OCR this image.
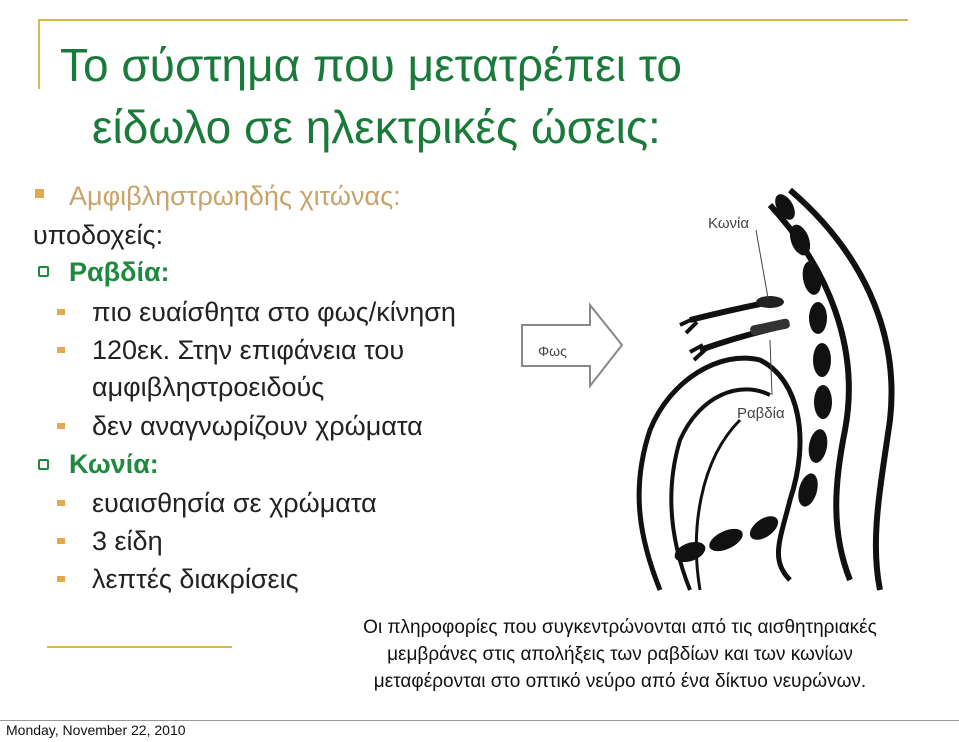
Το σύστημα που μετατρέπει το
είδωλο σε ηλεκτρικές ώσεις:
Αμφιβληστρωηδής χιτώνας:
υποδοχείς:
Ραβδία:
πιο ευαίσθητα στο φως/κίνηση
120εκ. Στην επιφάνεια του
αμφιβληστροειδούς
δεν αναγνωρίζουν χρώματα
Κωνία:
ευαισθησία σε χρώματα
3 είδη
λεπτές διακρίσεις
Φως
Κωνία
Ραβδία
Οι πληροφορίες που συγκεντρώνονται από τις αισθητηριακές
μεμβράνες στις απολήξεις των ραβδίων και των κωνίων
μεταφέρονται στο οπτικό νεύρο από ένα δίκτυο νευρώνων.
Monday, November 22, 2010
